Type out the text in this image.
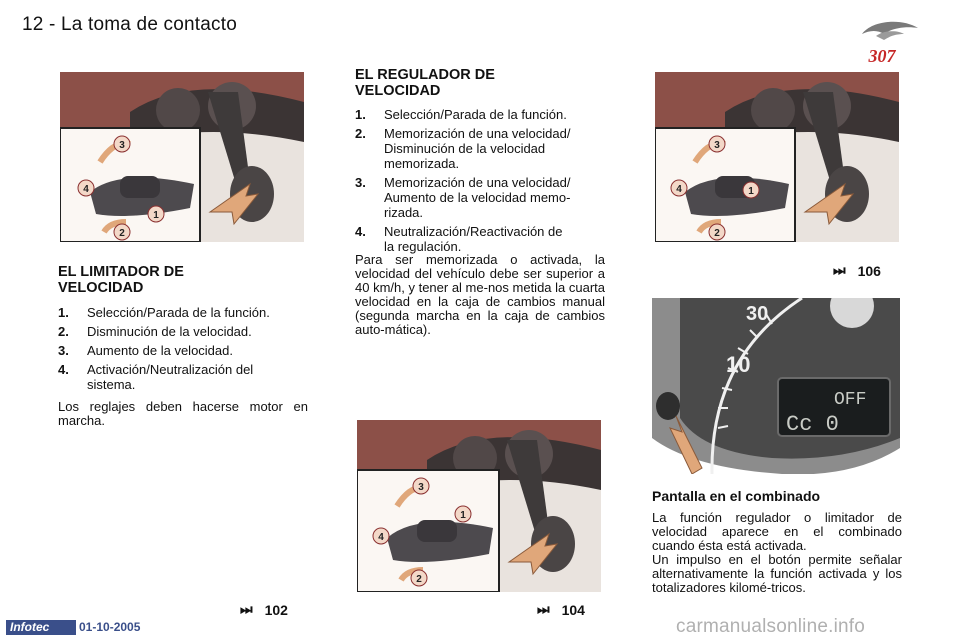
12 - La toma de contacto
307
3
4
1
2
EL LIMITADOR DE
VELOCIDAD
1.	Selección/Parada de la función.
2.	Disminución de la velocidad.
3.	Aumento de la velocidad.
4.	Activación/Neutralización del sistema.
Los reglajes deben hacerse motor en marcha.
⏭ 102
EL REGULADOR DE
VELOCIDAD
1.	Selección/Parada de la función.
2.	Memorización de una velocidad/ Disminución de la velocidad memorizada.
3.	Memorización de una velocidad/ Aumento de la velocidad memo-rizada.
4.	Neutralización/Reactivación de la regulación.
Para ser memorizada o activada, la velocidad del vehículo debe ser superior a 40 km/h, y tener al me-nos metida la cuarta velocidad en la caja de cambios manual (segunda marcha en la caja de cambios auto-mática).
3
4
1
2
⏭ 104
3
4	1
2
⏭ 106
30
10
OFF
Cc 0
Pantalla en el combinado
La función regulador o limitador de velocidad aparece en el combinado cuando ésta está activada.
Un impulso en el botón permite señalar alternativamente la función activada y los totalizadores kilomé-tricos.
Infotec	01-10-2005	carmanualsonline.info
